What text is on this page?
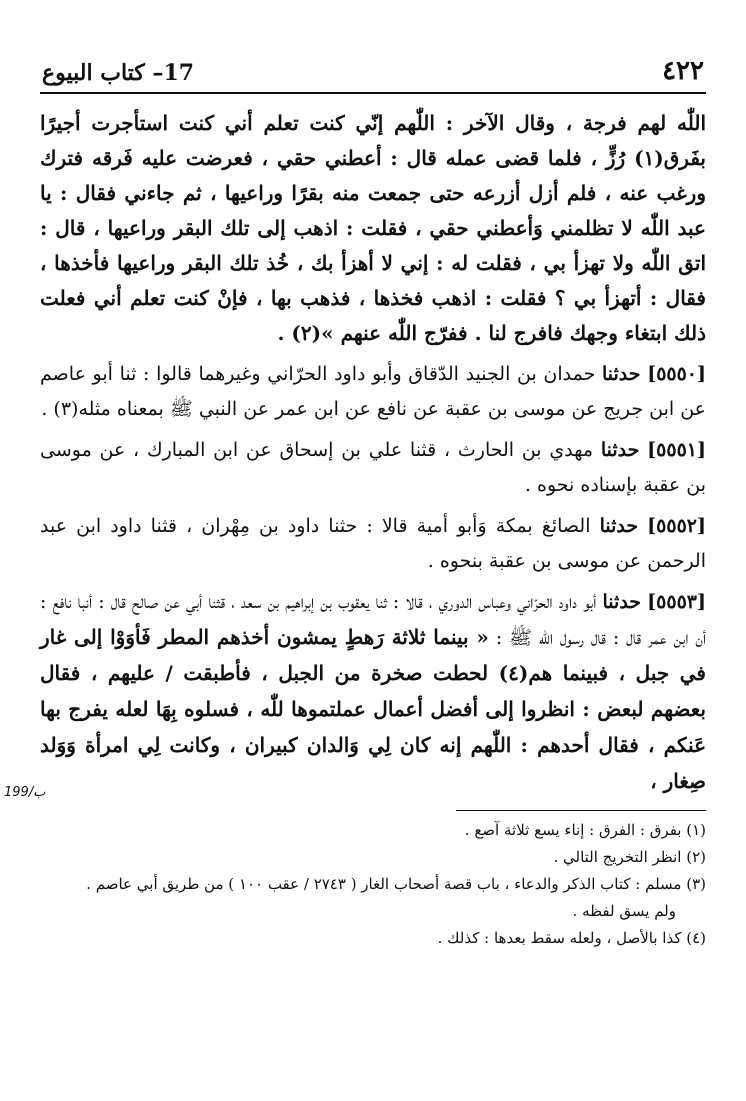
٤٢٢
17– كتاب البيوع
199/ب

اللّٰه لهم فرجة ، وقال الآخر : اللّٰهم إنّي كنت تعلم أني كنت استأجرت أجيرًا بفَرق(١) رُزٍّ ، فلما قضى عمله قال : أعطني حقي ، فعرضت عليه فَرقه فترك ورغب عنه ، فلم أزل أزرعه حتى جمعت منه بقرًا وراعيها ، ثم جاءني فقال : يا عبد اللّٰه لا تظلمني وَأعطني حقي ، فقلت : اذهب إلى تلك البقر وراعيها ، قال : اتق اللّٰه ولا تهزأ بي ، فقلت له : إني لا أهزأ بك ، خُذ تلك البقر وراعيها فأخذها ، فقال : أتهزأ بي ؟ فقلت : اذهب فخذها ، فذهب بها ، فإنْ كنت تعلم أني فعلت ذلك ابتغاء وجهك فافرج لنا . ففرّج اللّٰه عنهم »(٢) .

[٥٥٥٠] حدثنا حمدان بن الجنيد الدّقاق وأبو داود الحرّاني وغيرهما قالوا : ثنا أبو عاصم عن ابن جريج عن موسى بن عقبة عن نافع عن ابن عمر عن النبي ﷺ بمعناه مثله(٣) .

[٥٥٥١] حدثنا مهدي بن الحارث ، قثنا علي بن إسحاق عن ابن المبارك ، عن موسى بن عقبة بإسناده نحوه .

[٥٥٥٢] حدثنا الصائغ بمكة وَأبو أمية قالا : حثنا داود بن مِهْران ، قثنا داود ابن عبد الرحمن عن موسى بن عقبة بنحوه .

[٥٥٥٣] حدثنا أبو داود الحرّاني وعباس الدوري ، قالا : ثنا يعقوب بن إبراهيم بن سعد ، قثنا أبي عن صالح قال : أنبا نافع : أن ابن عمر قال : قال رسول اللّٰه ﷺ : « بينما ثلاثة رَهطٍ يمشون أخذهم المطر فَأوَوْا إلى غار في جبل ، فبينما هم(٤) لحطت صخرة من الجبل ، فأطبقت / عليهم ، فقال بعضهم لبعض : انظروا إلى أفضل أعمال عملتموها للّٰه ، فسلوه بِهَا لعله يفرج بها عَنكم ، فقال أحدهم : اللّٰهم إنه كان لِي وَالدان كبيران ، وكانت لِي امرأة وَوَلد صِغار ،

(١) بفرق : الفرق : إناء يسع ثلاثة آصع .

(٢) انظر التخريج التالي .

(٣) مسلم : كتاب الذكر والدعاء ، باب قصة أصحاب الغار ( ٢٧٤٣ / عقب ١٠٠ ) من طريق أبي عاصم .

ولم يسق لفظه .

(٤) كذا بالأصل ، ولعله سقط بعدها : كذلك .
